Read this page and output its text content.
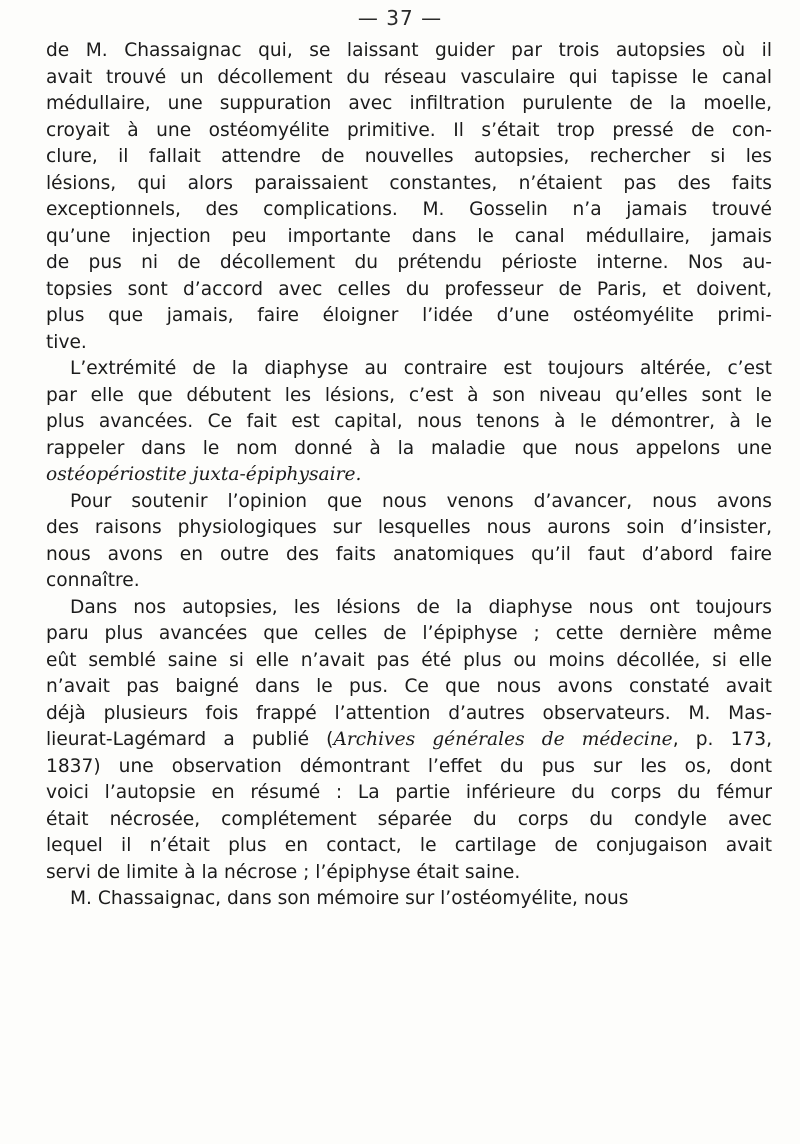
— 37 —
de M. Chassaignac qui, se laissant guider par trois autopsies où il
avait trouvé un décollement du réseau vasculaire qui tapisse le canal
médullaire, une suppuration avec infiltration purulente de la moelle,
croyait à une ostéomyélite primitive. Il s’était trop pressé de con-
clure, il fallait attendre de nouvelles autopsies, rechercher si les
lésions, qui alors paraissaient constantes, n’étaient pas des faits
exceptionnels, des complications. M. Gosselin n’a jamais trouvé
qu’une injection peu importante dans le canal médullaire, jamais
de pus ni de décollement du prétendu périoste interne. Nos au-
topsies sont d’accord avec celles du professeur de Paris, et doivent,
plus que jamais, faire éloigner l’idée d’une ostéomyélite primi-
tive.
L’extrémité de la diaphyse au contraire est toujours altérée, c’est
par elle que débutent les lésions, c’est à son niveau qu’elles sont le
plus avancées. Ce fait est capital, nous tenons à le démontrer, à le
rappeler dans le nom donné à la maladie que nous appelons une
ostéopériostite juxta-épiphysaire.
Pour soutenir l’opinion que nous venons d’avancer, nous avons
des raisons physiologiques sur lesquelles nous aurons soin d’insister,
nous avons en outre des faits anatomiques qu’il faut d’abord faire
connaître.
Dans nos autopsies, les lésions de la diaphyse nous ont toujours
paru plus avancées que celles de l’épiphyse ; cette dernière même
eût semblé saine si elle n’avait pas été plus ou moins décollée, si elle
n’avait pas baigné dans le pus. Ce que nous avons constaté avait
déjà plusieurs fois frappé l’attention d’autres observateurs. M. Mas-
lieurat-Lagémard a publié (Archives générales de médecine, p. 173,
1837) une observation démontrant l’effet du pus sur les os, dont
voici l’autopsie en résumé : La partie inférieure du corps du fémur
était nécrosée, complétement séparée du corps du condyle avec
lequel il n’était plus en contact, le cartilage de conjugaison avait
servi de limite à la nécrose ; l’épiphyse était saine.
M. Chassaignac, dans son mémoire sur l’ostéomyélite, nous
